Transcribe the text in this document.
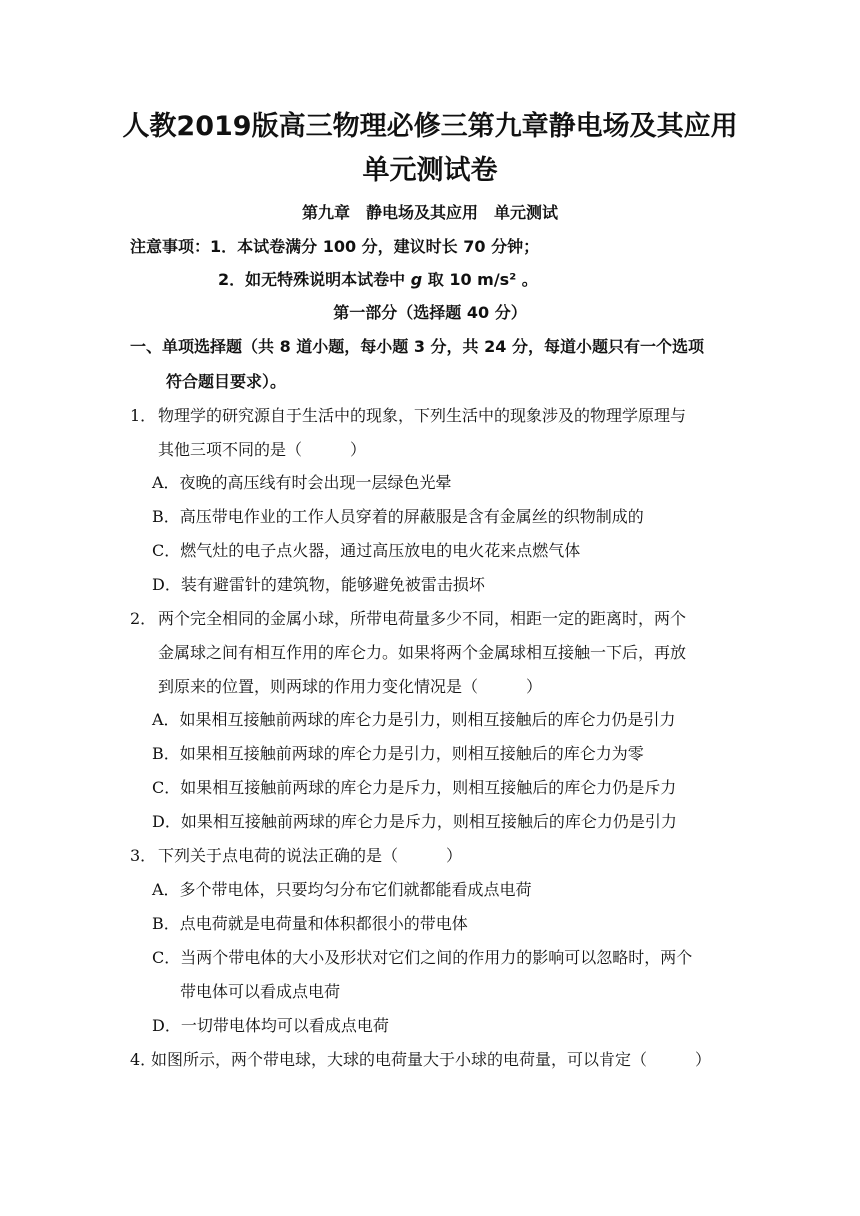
人教2019版高三物理必修三第九章静电场及其应用
单元测试卷
第九章　静电场及其应用　单元测试
注意事项：1．本试卷满分 100 分，建议时长 70 分钟；
2．如无特殊说明本试卷中 g 取 10 m/s² 。
第一部分（选择题 40 分）
一、单项选择题（共 8 道小题，每小题 3 分，共 24 分，每道小题只有一个选项
符合题目要求）。
1． 物理学的研究源自于生活中的现象，下列生活中的现象涉及的物理学原理与
其他三项不同的是（　　　）
A．夜晚的高压线有时会出现一层绿色光晕
B．高压带电作业的工作人员穿着的屏蔽服是含有金属丝的织物制成的
C．燃气灶的电子点火器，通过高压放电的电火花来点燃气体
D．装有避雷针的建筑物，能够避免被雷击损坏
2． 两个完全相同的金属小球，所带电荷量多少不同，相距一定的距离时，两个
金属球之间有相互作用的库仑力。如果将两个金属球相互接触一下后，再放
到原来的位置，则两球的作用力变化情况是（　　　）
A．如果相互接触前两球的库仑力是引力，则相互接触后的库仑力仍是引力
B．如果相互接触前两球的库仑力是引力，则相互接触后的库仑力为零
C．如果相互接触前两球的库仑力是斥力，则相互接触后的库仑力仍是斥力
D．如果相互接触前两球的库仑力是斥力，则相互接触后的库仑力仍是引力
3． 下列关于点电荷的说法正确的是（　　　）
A．多个带电体，只要均匀分布它们就都能看成点电荷
B．点电荷就是电荷量和体积都很小的带电体
C．当两个带电体的大小及形状对它们之间的作用力的影响可以忽略时，两个
带电体可以看成点电荷
D．一切带电体均可以看成点电荷
4．
如图所示，两个带电球，大球的电荷量大于小球的电荷量，可以肯定（　　　）
